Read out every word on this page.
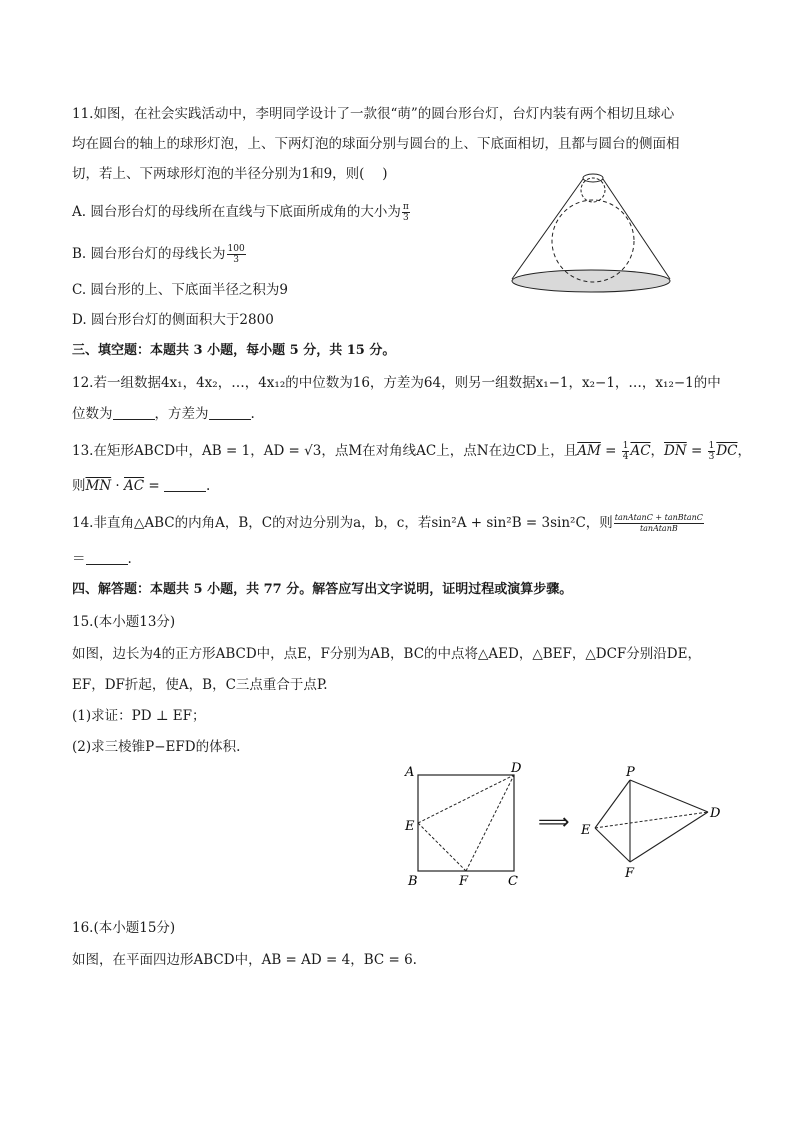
11.如图，在社会实践活动中，李明同学设计了一款很“萌”的圆台形台灯，台灯内装有两个相切且球心
均在圆台的轴上的球形灯泡，上、下两灯泡的球面分别与圆台的上、下底面相切，且都与圆台的侧面相
切，若上、下两球形灯泡的半径分别为1和9，则(　 )
A. 圆台形台灯的母线所在直线与下底面所成角的大小为 $\frac{\pi}{3}$
B. 圆台形台灯的母线长为 $\frac{100}{3}$
C. 圆台形的上、下底面半径之积为9
D. 圆台形台灯的侧面积大于2800
三、填空题：本题共 3 小题，每小题 5 分，共 15 分。
12.若一组数据4x₁，4x₂，…，4x₁₂的中位数为16，方差为64，则另一组数据x₁−1，x₂−1，…，x₁₂−1的中
位数为	，方差为	.
13.在矩形ABCD中，AB = 1，AD = √3，点M在对角线AC上，点N在边CD上，且$\overline{AM} = \frac{1}{4} \overline{AC}$，$\overline{DN} = \frac{1}{3} \overline{DC}$，
则$\overline{MN} \cdot \overline{AC}$ =	.
14.非直角△ABC的内角A，B，C的对边分别为a，b，c，若sin²A + sin²B = 3sin²C，则 $\frac{\text{tanAtanC + tanBtanC}}{\text{tanAtanB}}$
＝	.
四、解答题：本题共 5 小题，共 77 分。解答应写出文字说明，证明过程或演算步骤。
15.(本小题13分)
如图，边长为4的正方形ABCD中，点E，F分别为AB，BC的中点将△AED，△BEF，△DCF分别沿DE，
EF，DF折起，使A，B，C三点重合于点P.
(1)求证：PD ⊥ EF；
(2)求三棱锥P−EFD的体积.
A	D
E
B	F	C
⟹
P
E
D
F
16.(本小题15分)
如图，在平面四边形ABCD中，AB = AD = 4，BC = 6.
